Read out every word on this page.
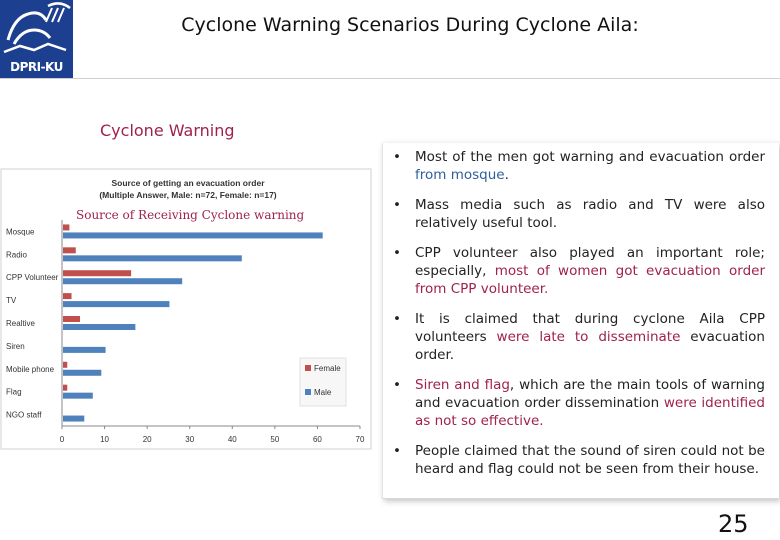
DPRI-KU
Cyclone Warning Scenarios During Cyclone Aila:
Cyclone Warning
Source of getting an evacuation order
(Multiple Answer, Male: n=72, Female: n=17)
0	10	20	30	40	50	60	70
Mosque
Radio
CPP Volunteer
TV
Realtive
Siren
Mobile phone
Flag
NGO staff
Female
Male
Source of Receiving Cyclone warning
• Most of the men got warning and evacuation order from mosque.
• Mass media such as radio and TV were also relatively useful tool.
• CPP volunteer also played an important role; especially, most of women got evacuation order from CPP volunteer.
• It is claimed that during cyclone Aila CPP volunteers were late to disseminate evacuation order.
• Siren and flag, which are the main tools of warning and evacuation order dissemination were identified as not so effective.
• People claimed that the sound of siren could not be heard and flag could not be seen from their house.
25
